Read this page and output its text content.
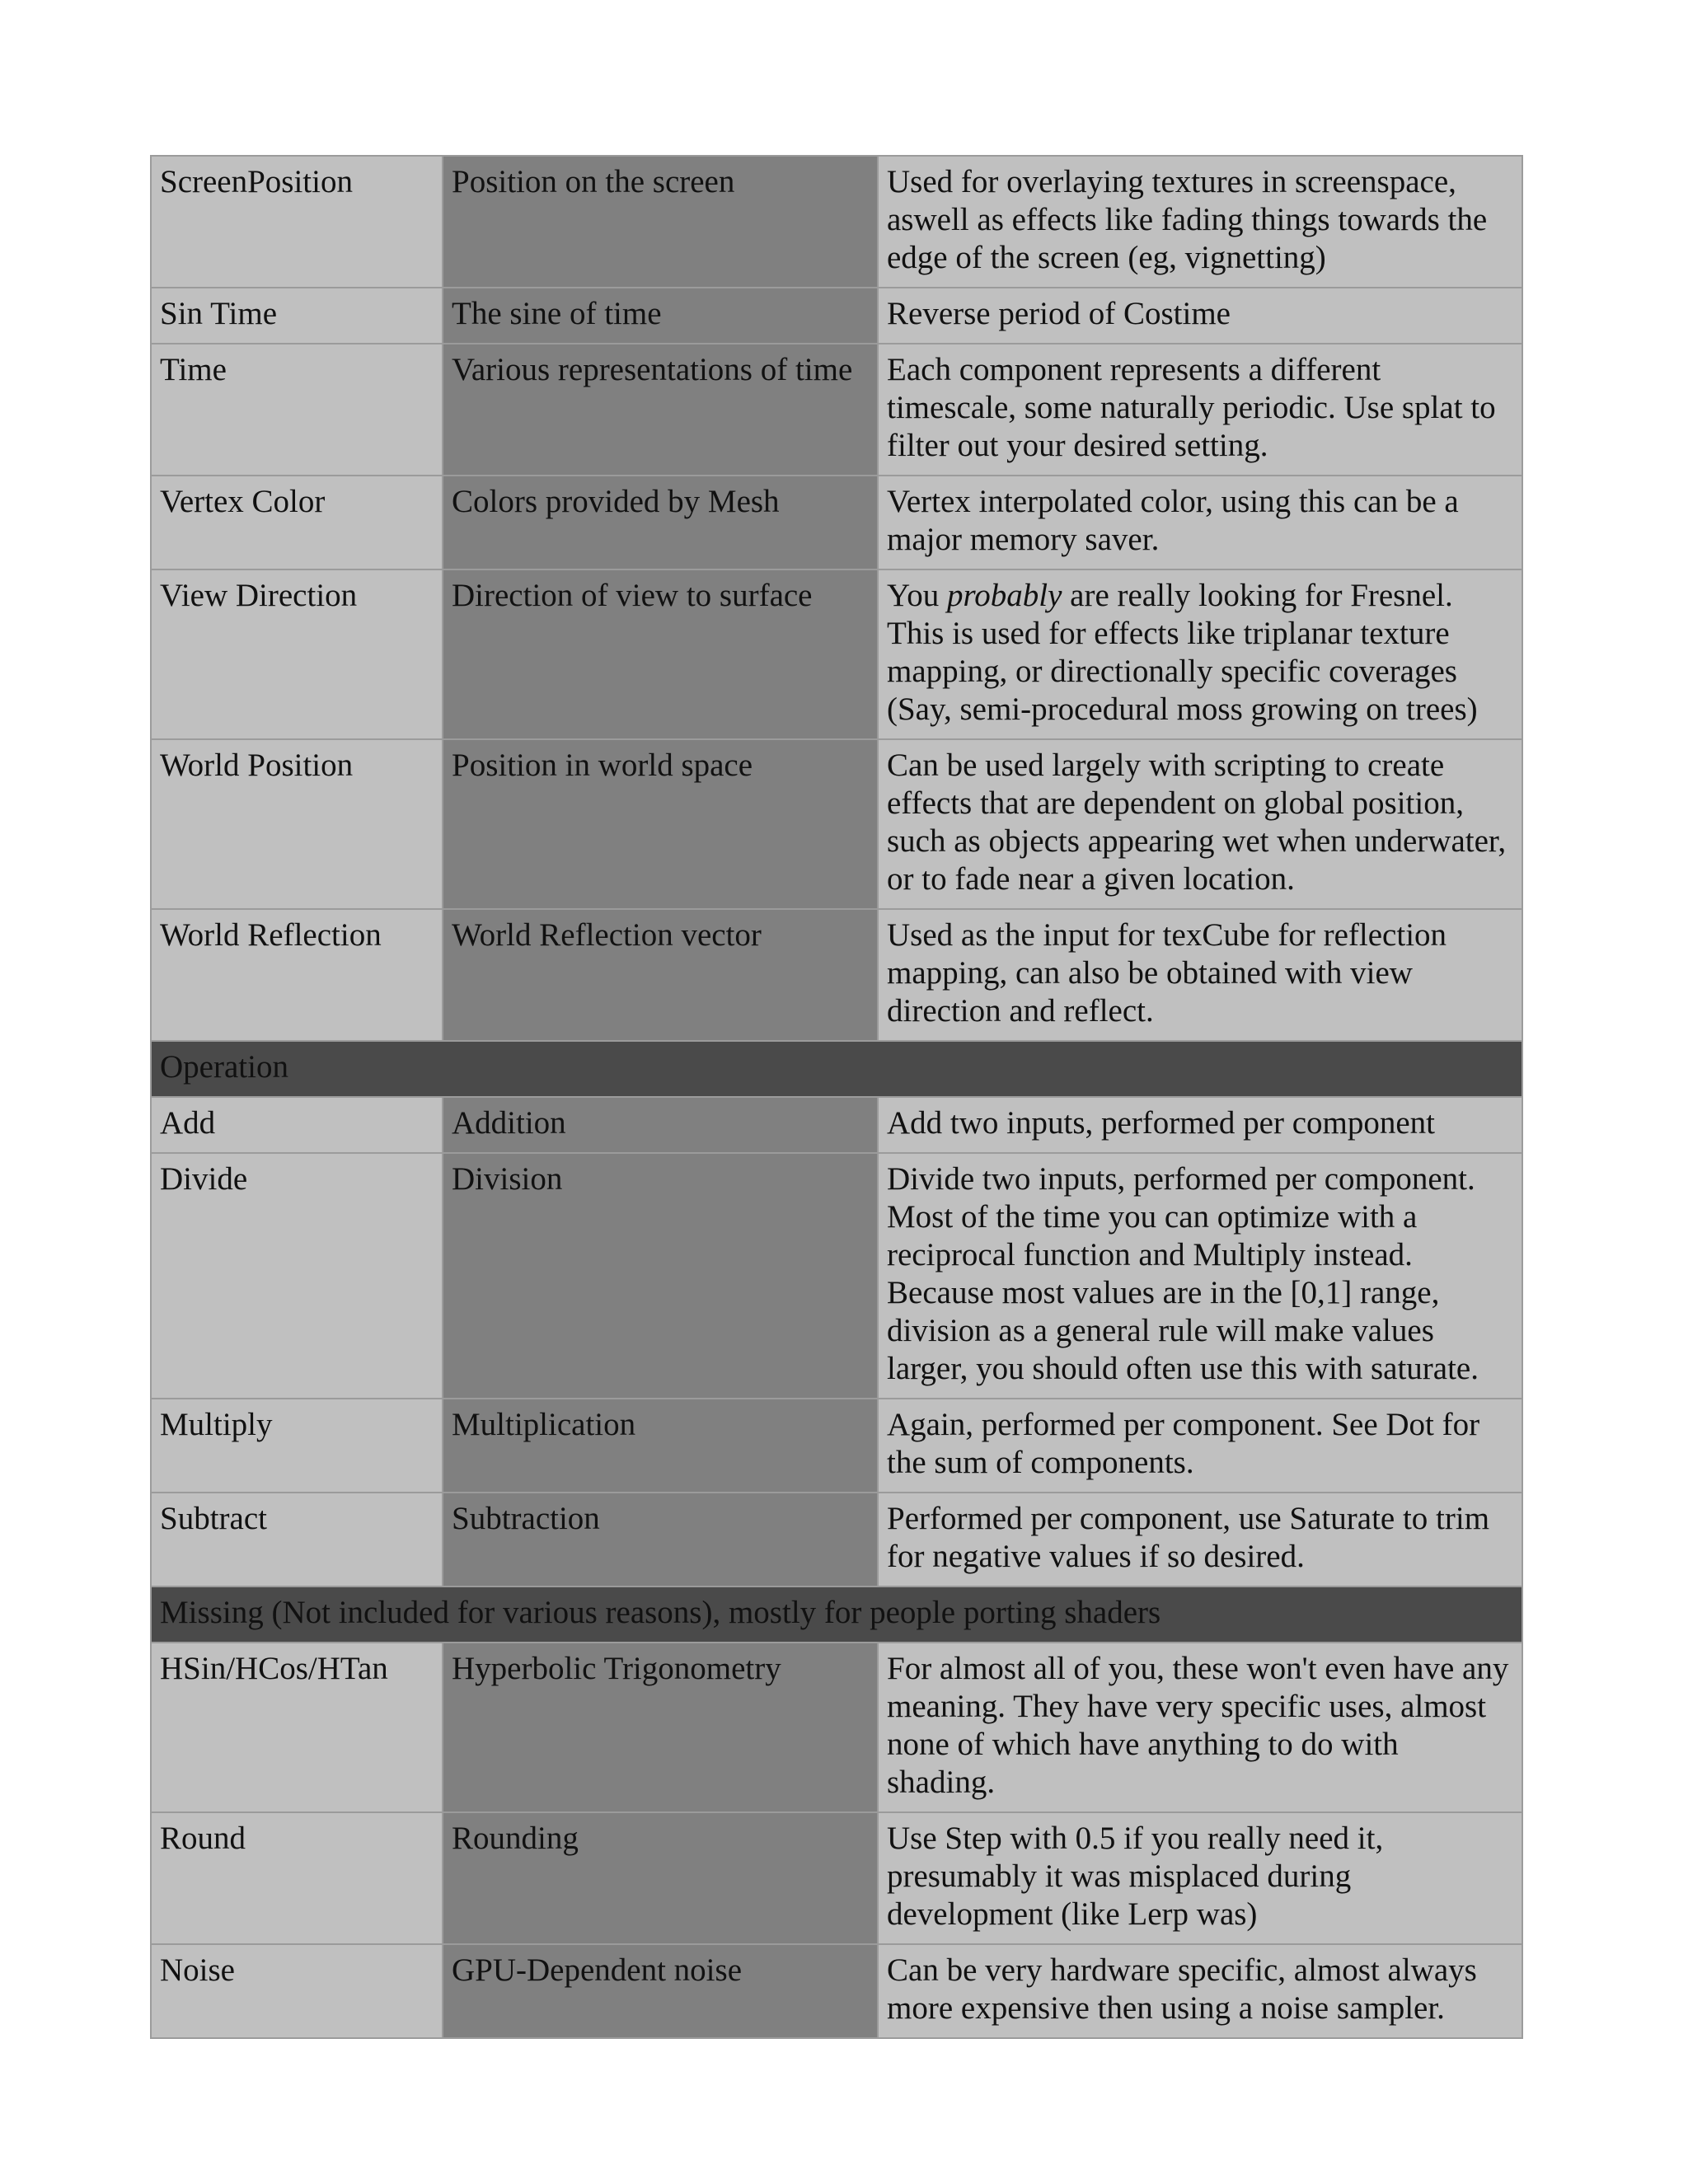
ScreenPosition	Position on the screen	Used for overlaying textures in screenspace, aswell as effects like fading things towards the edge of the screen (eg, vignetting)
Sin Time	The sine of time	Reverse period of Costime
Time	Various representations of time	Each component represents a different timescale, some naturally periodic. Use splat to filter out your desired setting.
Vertex Color	Colors provided by Mesh	Vertex interpolated color, using this can be a major memory saver.
View Direction	Direction of view to surface	You probably are really looking for Fresnel. This is used for effects like triplanar texture mapping, or directionally specific coverages (Say, semi-procedural moss growing on trees)
World Position	Position in world space	Can be used largely with scripting to create effects that are dependent on global position, such as objects appearing wet when underwater, or to fade near a given location.
World Reflection	World Reflection vector	Used as the input for texCube for reflection mapping, can also be obtained with view direction and reflect.
Operation		
Add	Addition	Add two inputs, performed per component
Divide	Division	Divide two inputs, performed per component. Most of the time you can optimize with a reciprocal function and Multiply instead. Because most values are in the [0,1] range, division as a general rule will make values larger, you should often use this with saturate.
Multiply	Multiplication	Again, performed per component. See Dot for the sum of components.
Subtract	Subtraction	Performed per component, use Saturate to trim for negative values if so desired.
Missing (Not included for various reasons), mostly for people porting shaders		
HSin/HCos/HTan	Hyperbolic Trigonometry	For almost all of you, these won't even have any meaning. They have very specific uses, almost none of which have anything to do with shading.
Round	Rounding	Use Step with 0.5 if you really need it, presumably it was misplaced during development (like Lerp was)
Noise	GPU-Dependent noise	Can be very hardware specific, almost always more expensive then using a noise sampler.
